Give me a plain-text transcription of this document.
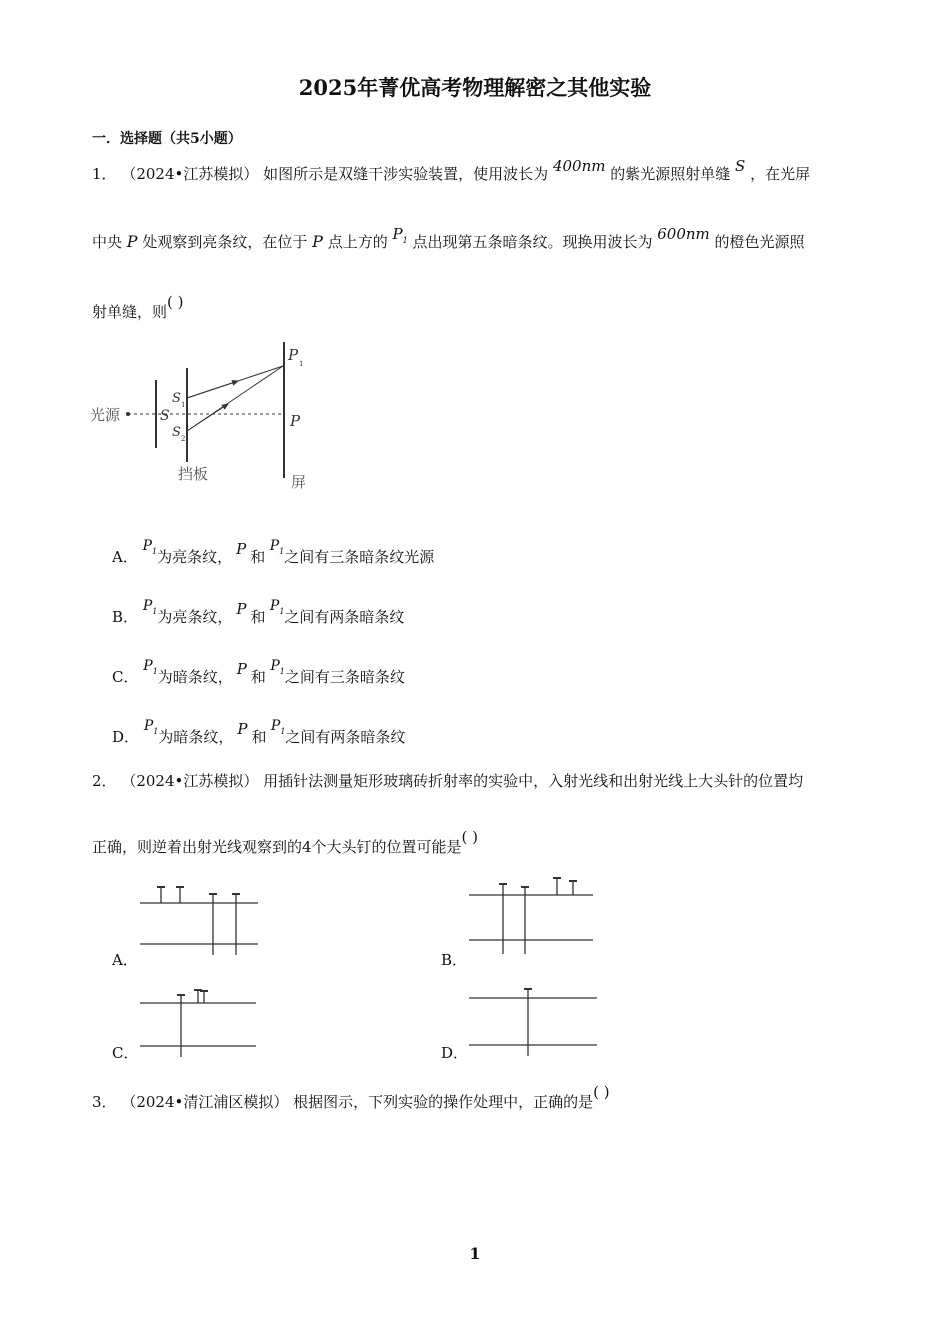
2025年菁优高考物理解密之其他实验
一．选择题（共5小题）
1． （2024•江苏模拟） 如图所示是双缝干涉实验装置，使用波长为 400nm 的紫光源照射单缝 S ，在光屏
中央 P 处观察到亮条纹，在位于 P 点上方的 $P_1$ 点出现第五条暗条纹。现换用波长为 600nm 的橙色光源照
射单缝，则( )
光源	S
S 1
S 2
P 1
P
挡板	屏
A． $P_1$为亮条纹， P 和 $P_1$之间有三条暗条纹光源
B． $P_1$为亮条纹， P 和 $P_1$之间有两条暗条纹
C． $P_1$为暗条纹， P 和 $P_1$之间有三条暗条纹
D． $P_1$为暗条纹， P 和 $P_1$之间有两条暗条纹
2． （2024•江苏模拟） 用插针法测量矩形玻璃砖折射率的实验中，入射光线和出射光线上大头针的位置均
正确，则逆着出射光线观察到的4个大头钉的位置可能是( )
A．	B．
C．	D．
3． （2024•清江浦区模拟） 根据图示，下列实验的操作处理中，正确的是( )
1
